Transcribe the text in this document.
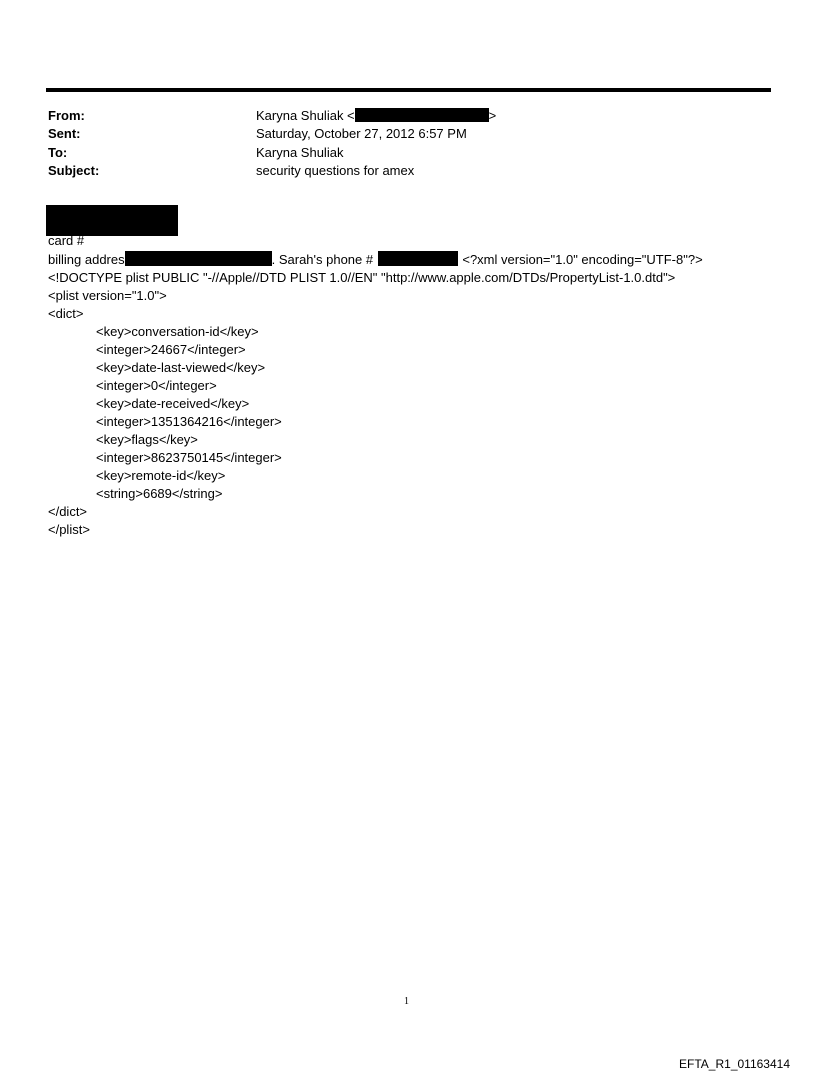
From:	Karyna Shuliak <	>
Sent:	Saturday, October 27, 2012 6:57 PM
To:	Karyna Shuliak
Subject:	security questions for amex
card #
billing addres	. Sarah's phone #	<?xml version="1.0" encoding="UTF-8"?>
<!DOCTYPE plist PUBLIC "-//Apple//DTD PLIST 1.0//EN" "http://www.apple.com/DTDs/PropertyList-1.0.dtd">
<plist version="1.0">
<dict>
<key>conversation-id</key>
<integer>24667</integer>
<key>date-last-viewed</key>
<integer>0</integer>
<key>date-received</key>
<integer>1351364216</integer>
<key>flags</key>
<integer>8623750145</integer>
<key>remote-id</key>
<string>6689</string>
</dict>
</plist>
1
EFTA_R1_01163414
